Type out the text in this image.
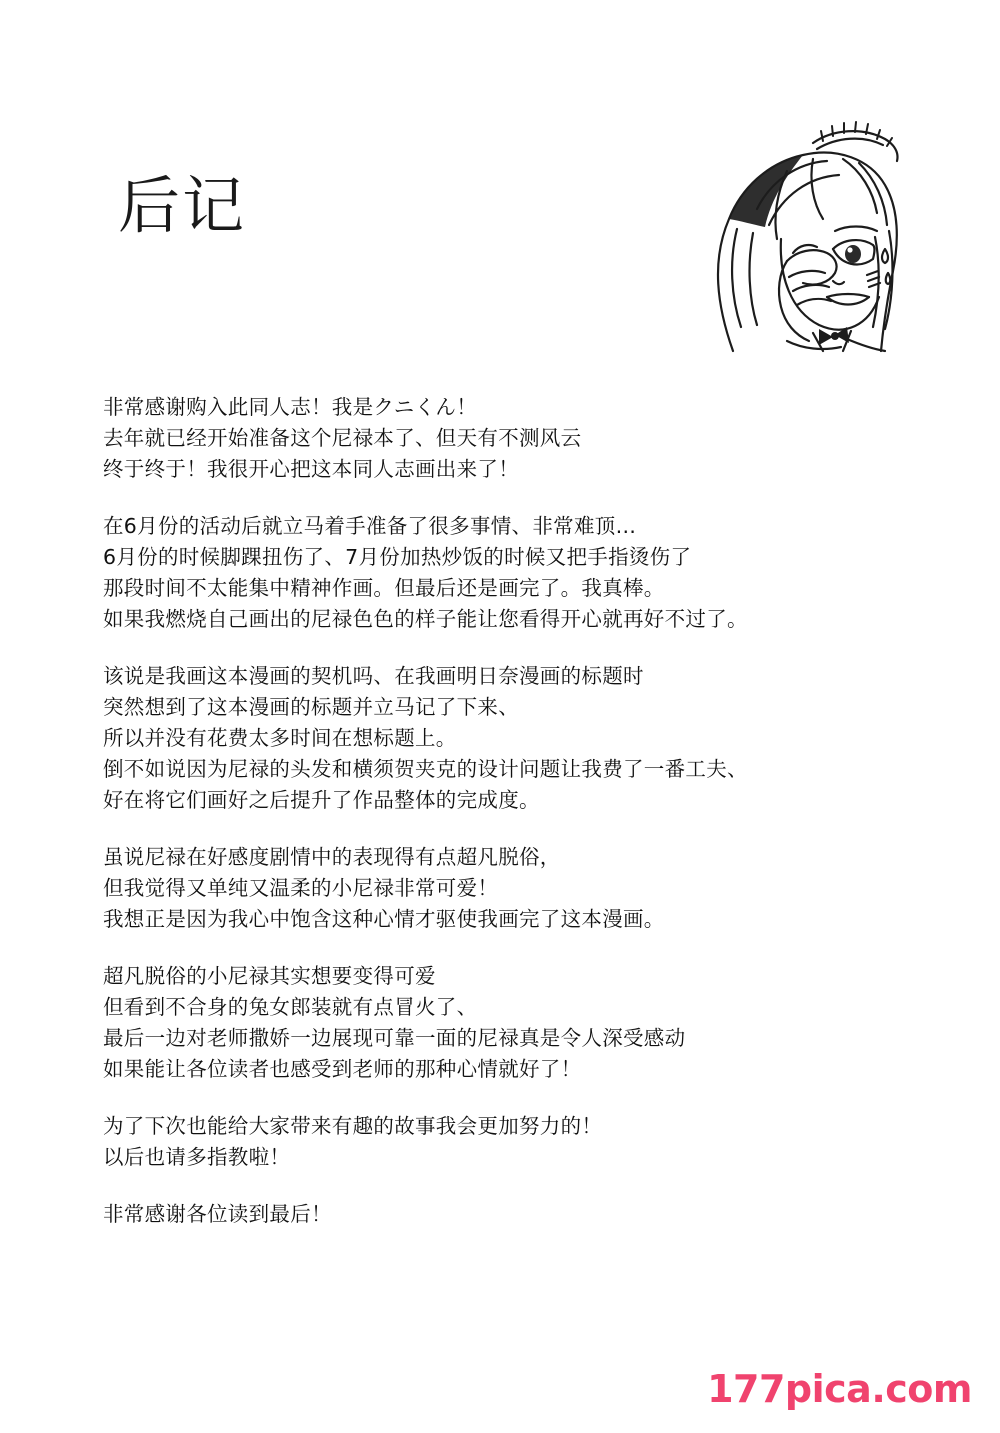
后记

非常感谢购入此同人志！我是クニくん！
去年就已经开始准备这个尼禄本了、但天有不测风云
终于终于！我很开心把这本同人志画出来了！

在6月份的活动后就立马着手准备了很多事情、非常难顶…
6月份的时候脚踝扭伤了、7月份加热炒饭的时候又把手指烫伤了
那段时间不太能集中精神作画。但最后还是画完了。我真棒。
如果我燃烧自己画出的尼禄色色的样子能让您看得开心就再好不过了。

该说是我画这本漫画的契机吗、在我画明日奈漫画的标题时
突然想到了这本漫画的标题并立马记了下来、
所以并没有花费太多时间在想标题上。
倒不如说因为尼禄的头发和横须贺夹克的设计问题让我费了一番工夫、
好在将它们画好之后提升了作品整体的完成度。

虽说尼禄在好感度剧情中的表现得有点超凡脱俗，
但我觉得又单纯又温柔的小尼禄非常可爱！
我想正是因为我心中饱含这种心情才驱使我画完了这本漫画。

超凡脱俗的小尼禄其实想要变得可爱
但看到不合身的兔女郎装就有点冒火了、
最后一边对老师撒娇一边展现可靠一面的尼禄真是令人深受感动
如果能让各位读者也感受到老师的那种心情就好了！

为了下次也能给大家带来有趣的故事我会更加努力的！
以后也请多指教啦！

非常感谢各位读到最后！

177pica.com
